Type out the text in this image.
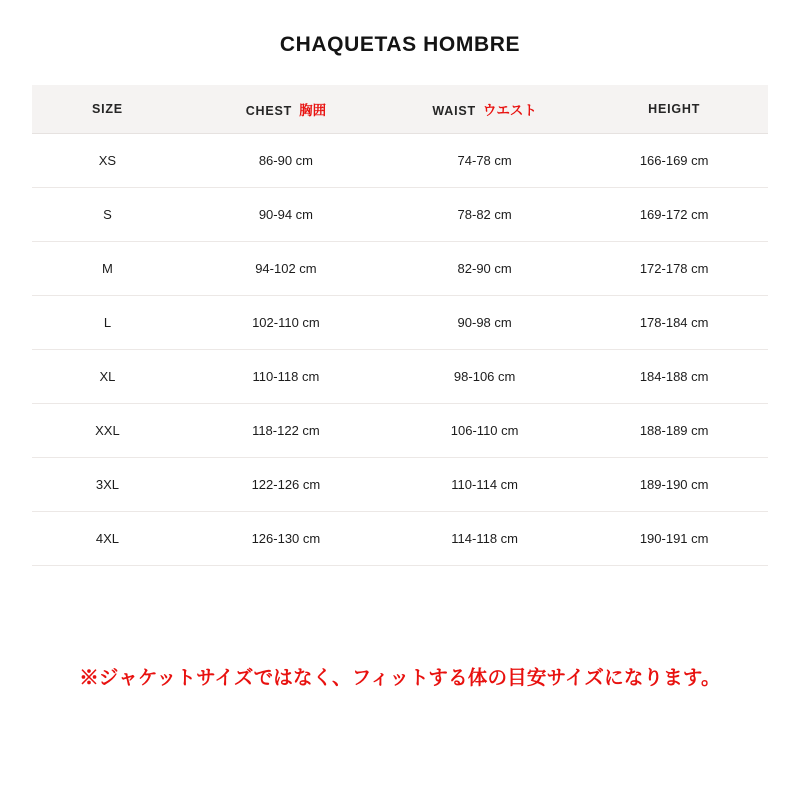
CHAQUETAS HOMBRE
SIZE	CHEST 胸囲	WAIST ウエスト	HEIGHT
XS	86-90 cm	74-78 cm	166-169 cm
S	90-94 cm	78-82 cm	169-172 cm
M	94-102 cm	82-90 cm	172-178 cm
L	102-110 cm	90-98 cm	178-184 cm
XL	110-118 cm	98-106 cm	184-188 cm
XXL	118-122 cm	106-110 cm	188-189 cm
3XL	122-126 cm	110-114 cm	189-190 cm
4XL	126-130 cm	114-118 cm	190-191 cm
※ジャケットサイズではなく、フィットする体の目安サイズになります。
